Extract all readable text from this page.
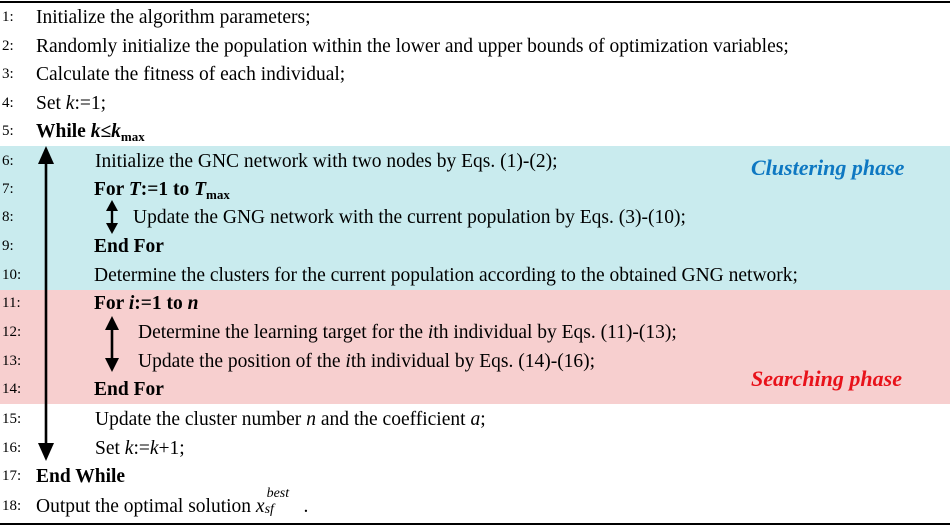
Clustering phase
Searching phase
1: Initialize the algorithm parameters;
2: Randomly initialize the population within the lower and upper bounds of optimization variables;
3: Calculate the fitness of each individual;
4: Set k:=1;
5: While $k\le k_{max}$
6:	Initialize the GNC network with two nodes by Eqs. (1)-(2);
7:	For T:=1 to $T_{max}$
8:	Update the GNG network with the current population by Eqs. (3)-(10);
9:	End For
10:	Determine the clusters for the current population according to the obtained GNG network;
11:	For i:=1 to n
12:	Determine the learning target for the ith individual by Eqs. (11)-(13);
13:	Update the position of the ith individual by Eqs. (14)-(16);
14:	End For
15:	Update the cluster number n and the coefficient a;
16:	Set k:=k+1;
17: End While
18: Output the optimal solution x
best
sf .
